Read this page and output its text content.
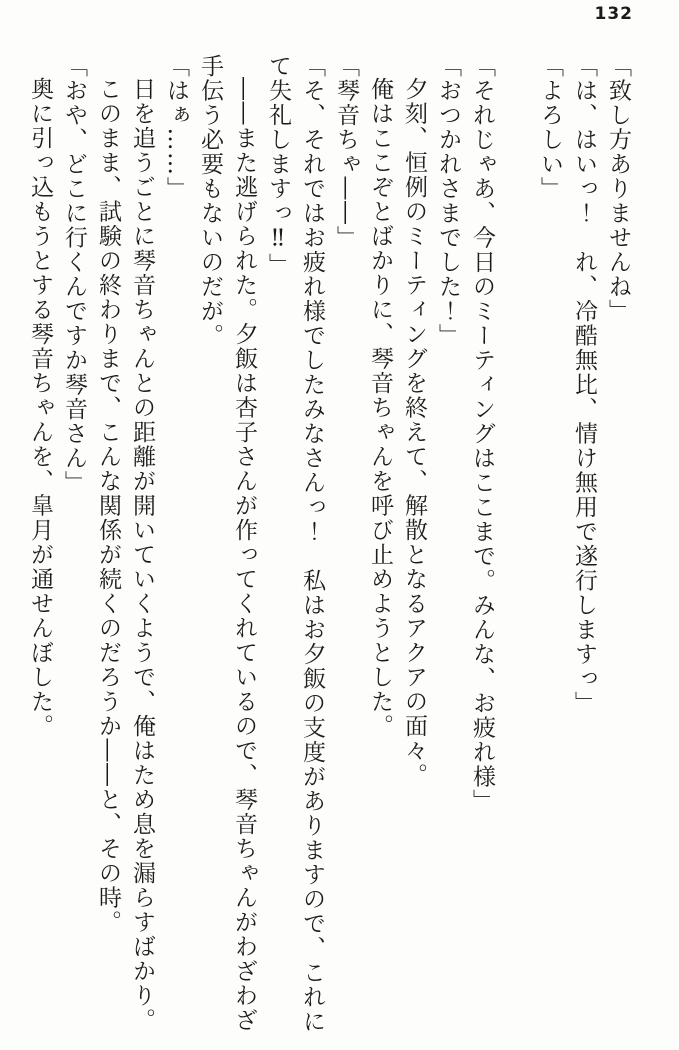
132
「致し方ありませんね」
「は、はいっ！　れ、冷酷無比、情け無用で遂行しますっ」
「よろしい」
「それじゃあ、今日のミーティングはここまで。みんな、お疲れ様」
「おつかれさまでした！」
夕刻、恒例のミーティングを終えて、解散となるアクアの面々。
俺はここぞとばかりに、琴音ちゃんを呼び止めようとした。
「琴音ちゃ――」
「そ、それではお疲れ様でしたみなさんっ！　私はお夕飯の支度がありますので、これに
て失礼しますっ‼」
――また逃げられた。夕飯は杏子さんが作ってくれているので、琴音ちゃんがわざわざ
手伝う必要もないのだが。
「はぁ……」
日を追うごとに琴音ちゃんとの距離が開いていくようで、俺はため息を漏らすばかり。
このまま、試験の終わりまで、こんな関係が続くのだろうか――と、その時。
「おや、どこに行くんですか琴音さん」
奥に引っ込もうとする琴音ちゃんを、皐月が通せんぼした。
